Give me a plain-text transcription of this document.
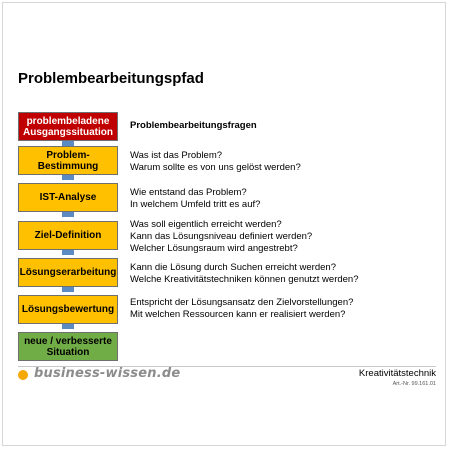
Problembearbeitungspfad
Problembearbeitungsfragen
problembeladene
Ausgangssituation
Problem-
Bestimmung
Was ist das Problem?
Warum sollte es von uns gelöst werden?
IST-Analyse	Wie entstand das Problem?
In welchem Umfeld tritt es auf?
Ziel-Definition
Was soll eigentlich erreicht werden?
Kann das Lösungsniveau definiert werden?
Welcher Lösungsraum wird angestrebt?
Lösungserarbeitung Kann die Lösung durch Suchen erreicht werden?
Welche Kreativitätstechniken können genutzt werden?
Lösungsbewertung
Entspricht der Lösungsansatz den Zielvorstellungen?
Mit welchen Ressourcen kann er realisiert werden?
neue / verbesserte
Situation
business-wissen.de	Kreativitätstechnik
Art.-Nr. 99.161.01
